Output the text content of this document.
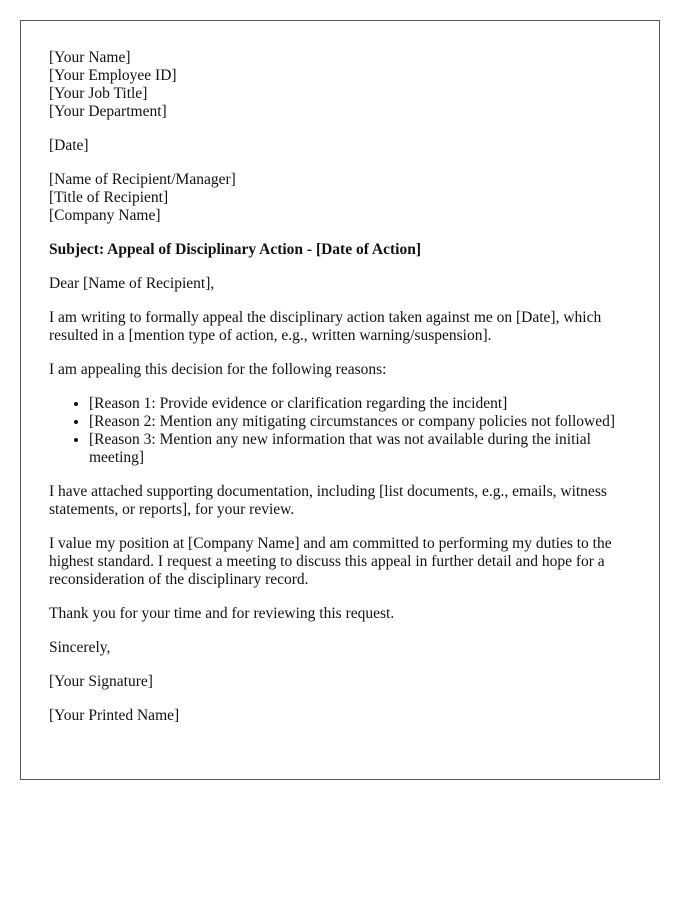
[Your Name]
[Your Employee ID]
[Your Job Title]
[Your Department]

[Date]

[Name of Recipient/Manager]
[Title of Recipient]
[Company Name]

Subject: Appeal of Disciplinary Action - [Date of Action]

Dear [Name of Recipient],

I am writing to formally appeal the disciplinary action taken against me on [Date], which resulted in a [mention type of action, e.g., written warning/suspension].

I am appealing this decision for the following reasons:

• [Reason 1: Provide evidence or clarification regarding the incident]
• [Reason 2: Mention any mitigating circumstances or company policies not followed]
• [Reason 3: Mention any new information that was not available during the initial meeting]

I have attached supporting documentation, including [list documents, e.g., emails, witness statements, or reports], for your review.

I value my position at [Company Name] and am committed to performing my duties to the highest standard. I request a meeting to discuss this appeal in further detail and hope for a reconsideration of the disciplinary record.

Thank you for your time and for reviewing this request.

Sincerely,

[Your Signature]

[Your Printed Name]
